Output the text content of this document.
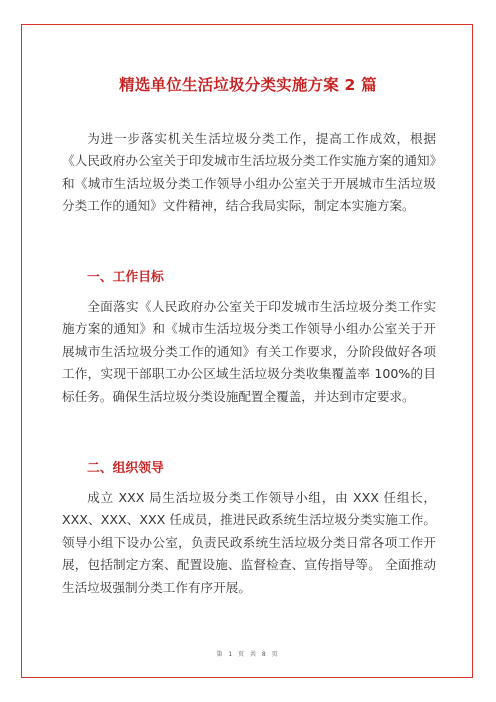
精选单位生活垃圾分类实施方案 2 篇

为进一步落实机关生活垃圾分类工作，提高工作成效，根据《人民政府办公室关于印发城市生活垃圾分类工作实施方案的通知》和《城市生活垃圾分类工作领导小组办公室关于开展城市生活垃圾分类工作的通知》文件精神，结合我局实际，制定本实施方案。

一、工作目标

全面落实《人民政府办公室关于印发城市生活垃圾分类工作实施方案的通知》和《城市生活垃圾分类工作领导小组办公室关于开展城市生活垃圾分类工作的通知》有关工作要求，分阶段做好各项工作，实现干部职工办公区域生活垃圾分类收集覆盖率 100%的目标任务。确保生活垃圾分类设施配置全覆盖，并达到市定要求。

二、组织领导

成立 XXX 局生活垃圾分类工作领导小组，由 XXX 任组长，XXX、XXX、XXX 任成员，推进民政系统生活垃圾分类实施工作。领导小组下设办公室，负责民政系统生活垃圾分类日常各项工作开展，包括制定方案、配置设施、监督检查、宣传指导等。 全面推动生活垃圾强制分类工作有序开展。

第 1 页 共 8 页
